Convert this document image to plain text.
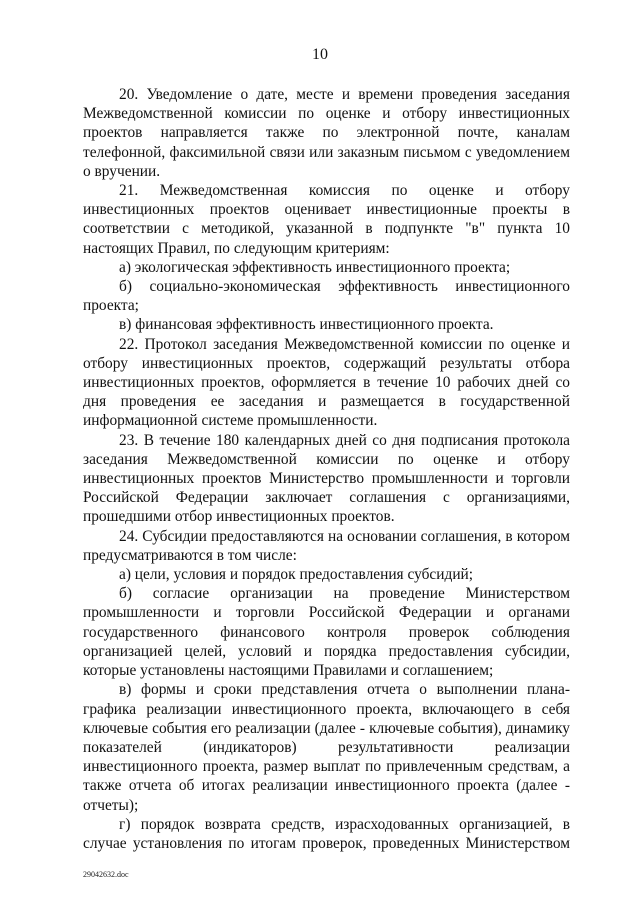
10

20. Уведомление о дате, месте и времени проведения заседания Межведомственной комиссии по оценке и отбору инвестиционных проектов направляется также по электронной почте, каналам телефонной, факсимильной связи или заказным письмом с уведомлением о вручении.

21. Межведомственная комиссия по оценке и отбору инвестиционных проектов оценивает инвестиционные проекты в соответствии с методикой, указанной в подпункте "в" пункта 10 настоящих Правил, по следующим критериям:

а) экологическая эффективность инвестиционного проекта;

б) социально-экономическая эффективность инвестиционного проекта;

в) финансовая эффективность инвестиционного проекта.

22. Протокол заседания Межведомственной комиссии по оценке и отбору инвестиционных проектов, содержащий результаты отбора инвестиционных проектов, оформляется в течение 10 рабочих дней со дня проведения ее заседания и размещается в государственной информационной системе промышленности.

23. В течение 180 календарных дней со дня подписания протокола заседания Межведомственной комиссии по оценке и отбору инвестиционных проектов Министерство промышленности и торговли Российской Федерации заключает соглашения с организациями, прошедшими отбор инвестиционных проектов.

24. Субсидии предоставляются на основании соглашения, в котором предусматриваются в том числе:

а) цели, условия и порядок предоставления субсидий;

б) согласие организации на проведение Министерством промышленности и торговли Российской Федерации и органами государственного финансового контроля проверок соблюдения организацией целей, условий и порядка предоставления субсидии, которые установлены настоящими Правилами и соглашением;

в) формы и сроки представления отчета о выполнении плана-графика реализации инвестиционного проекта, включающего в себя ключевые события его реализации (далее - ключевые события), динамику показателей (индикаторов) результативности реализации инвестиционного проекта, размер выплат по привлеченным средствам, а также отчета об итогах реализации инвестиционного проекта (далее - отчеты);

г) порядок возврата средств, израсходованных организацией, в случае установления по итогам проверок, проведенных Министерством

29042632.doc
